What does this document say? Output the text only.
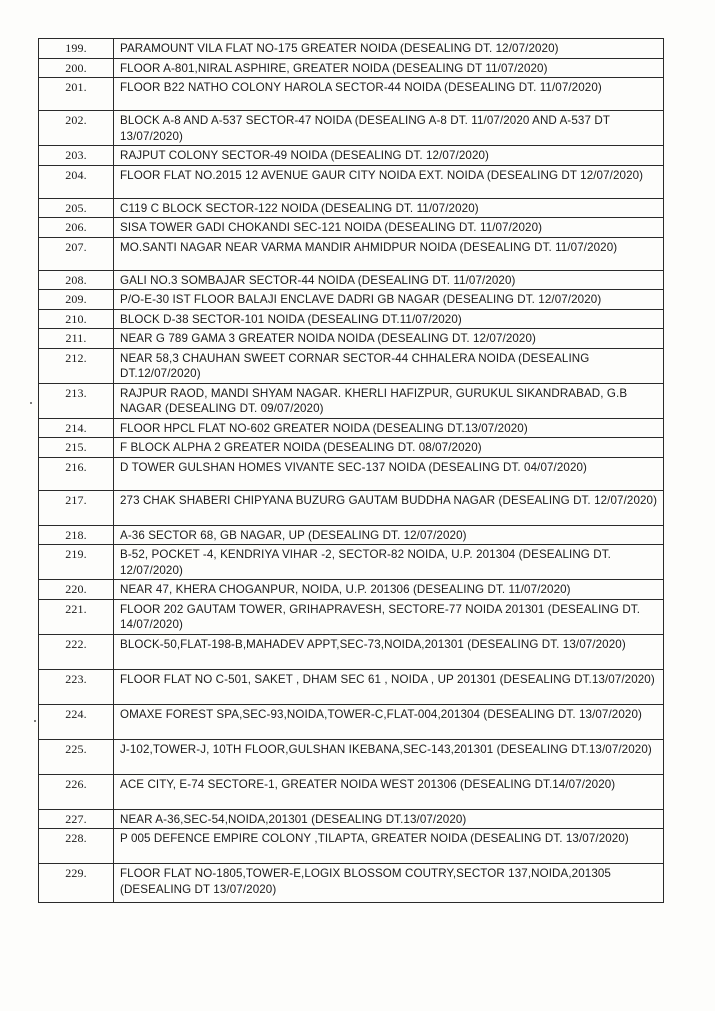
199.	PARAMOUNT VILA FLAT NO-175 GREATER NOIDA (DESEALING DT. 12/07/2020)
200.	FLOOR A-801,NIRAL ASPHIRE, GREATER NOIDA (DESEALING DT 11/07/2020)
201.	FLOOR B22 NATHO COLONY HAROLA SECTOR-44 NOIDA (DESEALING DT. 11/07/2020)
202.	BLOCK A-8 AND A-537 SECTOR-47 NOIDA (DESEALING A-8 DT. 11/07/2020 AND A-537 DT 13/07/2020)
203.	RAJPUT COLONY SECTOR-49 NOIDA (DESEALING DT. 12/07/2020)
204.	FLOOR FLAT NO.2015 12 AVENUE GAUR CITY NOIDA EXT. NOIDA (DESEALING DT 12/07/2020)
205.	C119 C BLOCK SECTOR-122 NOIDA (DESEALING DT. 11/07/2020)
206.	SISA TOWER GADI CHOKANDI SEC-121 NOIDA (DESEALING DT. 11/07/2020)
207.	MO.SANTI NAGAR NEAR VARMA MANDIR AHMIDPUR NOIDA (DESEALING DT. 11/07/2020)
208.	GALI NO.3 SOMBAJAR SECTOR-44 NOIDA (DESEALING DT. 11/07/2020)
209.	P/O-E-30 IST FLOOR BALAJI ENCLAVE DADRI GB NAGAR (DESEALING DT. 12/07/2020)
210.	BLOCK D-38 SECTOR-101 NOIDA (DESEALING DT.11/07/2020)
211.	NEAR G 789 GAMA 3 GREATER NOIDA NOIDA (DESEALING DT. 12/07/2020)
212.	NEAR 58,3 CHAUHAN SWEET CORNAR SECTOR-44 CHHALERA NOIDA (DESEALING DT.12/07/2020)
213.	RAJPUR RAOD, MANDI SHYAM NAGAR. KHERLI HAFIZPUR, GURUKUL SIKANDRABAD, G.B NAGAR (DESEALING DT. 09/07/2020)
214.	FLOOR HPCL FLAT NO-602 GREATER NOIDA (DESEALING DT.13/07/2020)
215.	F BLOCK ALPHA 2 GREATER NOIDA (DESEALING DT. 08/07/2020)
216.	D TOWER GULSHAN HOMES VIVANTE SEC-137 NOIDA (DESEALING DT. 04/07/2020)
217.	273 CHAK SHABERI CHIPYANA BUZURG GAUTAM BUDDHA NAGAR (DESEALING DT. 12/07/2020)
218.	A-36 SECTOR 68, GB NAGAR, UP (DESEALING DT. 12/07/2020)
219.	B-52, POCKET -4, KENDRIYA VIHAR -2, SECTOR-82 NOIDA, U.P. 201304 (DESEALING DT. 12/07/2020)
220.	NEAR 47, KHERA CHOGANPUR, NOIDA, U.P. 201306 (DESEALING DT. 11/07/2020)
221.	FLOOR 202 GAUTAM TOWER, GRIHAPRAVESH, SECTORE-77 NOIDA 201301 (DESEALING DT. 14/07/2020)
222.	BLOCK-50,FLAT-198-B,MAHADEV APPT,SEC-73,NOIDA,201301 (DESEALING DT. 13/07/2020)
223.	FLOOR FLAT NO C-501, SAKET , DHAM SEC 61 , NOIDA , UP 201301 (DESEALING DT.13/07/2020)
224.	OMAXE FOREST SPA,SEC-93,NOIDA,TOWER-C,FLAT-004,201304 (DESEALING DT. 13/07/2020)
225.	J-102,TOWER-J, 10TH FLOOR,GULSHAN IKEBANA,SEC-143,201301 (DESEALING DT.13/07/2020)
226.	ACE CITY, E-74 SECTORE-1, GREATER NOIDA WEST 201306 (DESEALING DT.14/07/2020)
227.	NEAR A-36,SEC-54,NOIDA,201301 (DESEALING DT.13/07/2020)
228.	P 005 DEFENCE EMPIRE COLONY ,TILAPTA, GREATER NOIDA (DESEALING DT. 13/07/2020)
229.	FLOOR FLAT NO-1805,TOWER-E,LOGIX BLOSSOM COUTRY,SECTOR 137,NOIDA,201305 (DESEALING DT 13/07/2020)
